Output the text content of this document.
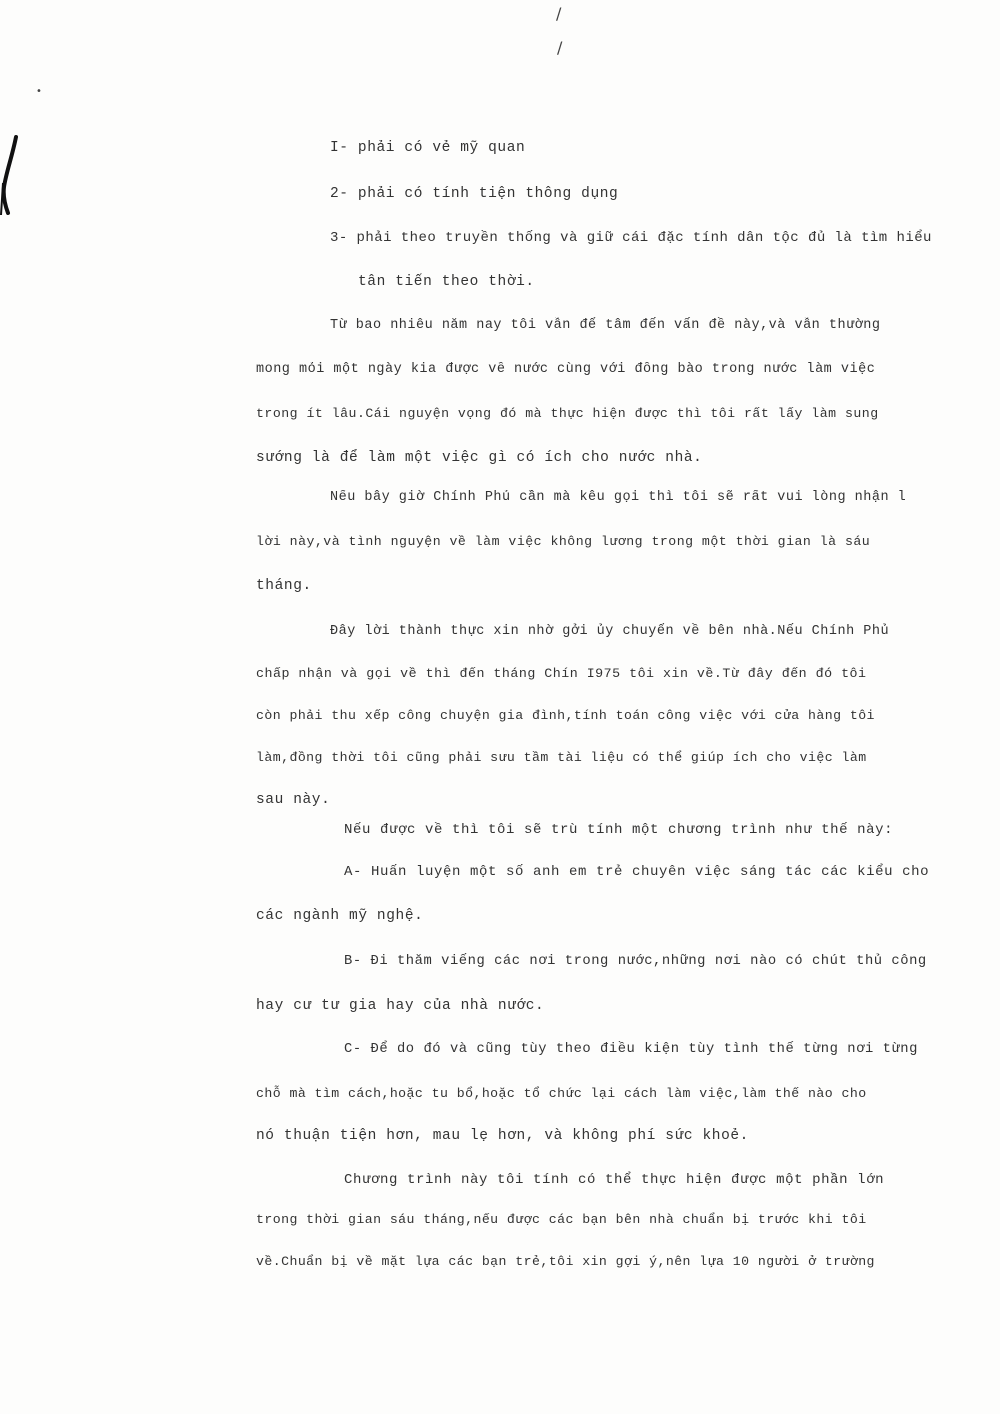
/
/
•
I- phải có vẻ mỹ quan
2- phải có tính tiện thông dụng
3- phải theo truyền thống và giữ cái đặc tính dân tộc đủ là tìm hiểu
tân tiến theo thời.
Từ bao nhiêu năm nay tôi vẫn để tâm đến vấn đề này,và vẫn thường
mong mỏi một ngày kia được về nước cùng với đồng bào trong nước làm việc
trong ít lâu.Cái nguyện vọng đó mà thực hiện được thì tôi rất lấy làm sung
sướng là để làm một việc gì có ích cho nước nhà.
Nếu bây giờ Chính Phủ cần mà kêu gọi thì tôi sẽ rất vui lòng nhận l
lời này,và tình nguyện về làm việc không lương trong một thời gian là sáu
tháng.
Đây lời thành thực xin nhờ gởi ủy chuyển về bên nhà.Nếu Chính Phủ
chấp nhận và gọi về thì đến tháng Chín I975 tôi xin về.Từ đây đến đó tôi
còn phải thu xếp công chuyện gia đình,tính toán công việc với cửa hàng tôi
làm,đồng thời tôi cũng phải sưu tầm tài liệu có thể giúp ích cho việc làm
sau này.
Nếu được về thì tôi sẽ trù tính một chương trình như thế này:
A- Huấn luyện một số anh em trẻ chuyên việc sáng tác các kiểu cho
các ngành mỹ nghệ.
B- Đi thăm viếng các nơi trong nước,những nơi nào có chút thủ công
hay cư tư gia hay của nhà nước.
C- Để do đó và cũng tùy theo điều kiện tùy tình thế từng nơi từng
chỗ mà tìm cách,hoặc tu bổ,hoặc tổ chức lại cách làm việc,làm thế nào cho
nó thuận tiện hơn, mau lẹ hơn, và không phí sức khoẻ.
Chương trình này tôi tính có thể thực hiện được một phần lớn
trong thời gian sáu tháng,nếu được các bạn bên nhà chuẩn bị trước khi tôi
về.Chuẩn bị về mặt lựa các bạn trẻ,tôi xin gợi ý,nên lựa 10 người ở trường
